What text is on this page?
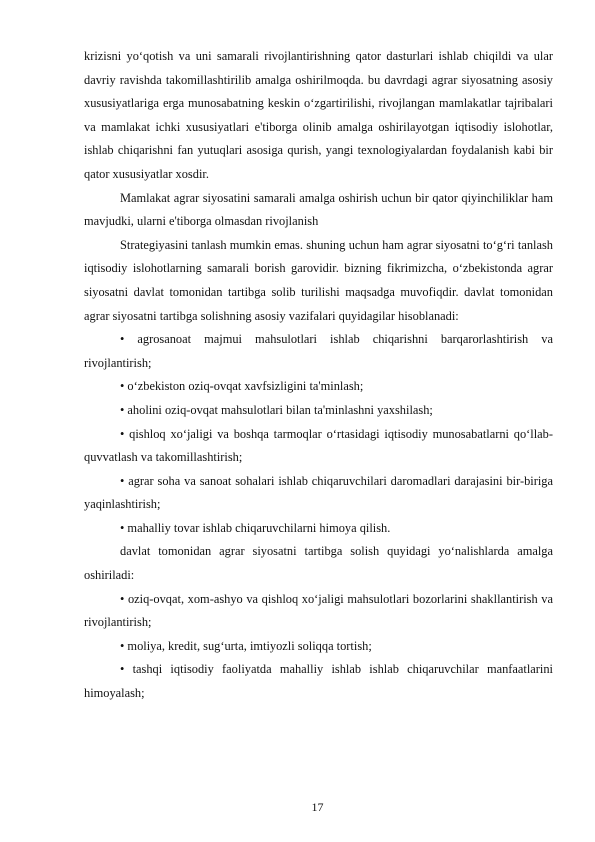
krizisni yo‘qotish va uni samarali rivojlantirishning qator dasturlari ishlab chiqildi va ular davriy ravishda takomillashtirilib amalga oshirilmoqda. bu davrdagi agrar siyosatning asosiy xususiyatlariga erga munosabatning keskin o‘zgartirilishi, rivojlangan mamlakatlar tajribalari va mamlakat ichki xususiyatlari e'tiborga olinib amalga oshirilayotgan iqtisodiy islohotlar, ishlab chiqarishni fan yutuqlari asosiga qurish, yangi texnologiyalardan foydalanish kabi bir qator xususiyatlar xosdir.

Mamlakat agrar siyosatini samarali amalga oshirish uchun bir qator qiyinchiliklar ham mavjudki, ularni e'tiborga olmasdan rivojlanish

Strategiyasini tanlash mumkin emas. shuning uchun ham agrar siyosatni to‘g‘ri tanlash iqtisodiy islohotlarning samarali borish garovidir. bizning fikrimizcha, o‘zbekistonda agrar siyosatni davlat tomonidan tartibga solib turilishi maqsadga muvofiqdir. davlat tomonidan agrar siyosatni tartibga solishning asosiy vazifalari quyidagilar hisoblanadi:

• agrosanoat majmui mahsulotlari ishlab chiqarishni barqarorlashtirish va rivojlantirish;

• o‘zbekiston oziq-ovqat xavfsizligini ta'minlash;

• aholini oziq-ovqat mahsulotlari bilan ta'minlashni yaxshilash;

• qishloq xo‘jaligi va boshqa tarmoqlar o‘rtasidagi iqtisodiy munosabatlarni qo‘llab-quvvatlash va takomillashtirish;

• agrar soha va sanoat sohalari ishlab chiqaruvchilari daromadlari darajasini bir-biriga yaqinlashtirish;

• mahalliy tovar ishlab chiqaruvchilarni himoya qilish.

davlat tomonidan agrar siyosatni tartibga solish quyidagi yo‘nalishlarda amalga oshiriladi:

• oziq-ovqat, xom-ashyo va qishloq xo‘jaligi mahsulotlari bozorlarini shakllantirish va rivojlantirish;

• moliya, kredit, sug‘urta, imtiyozli soliqqa tortish;

• tashqi iqtisodiy faoliyatda mahalliy ishlab ishlab chiqaruvchilar manfaatlarini himoyalash;

17
